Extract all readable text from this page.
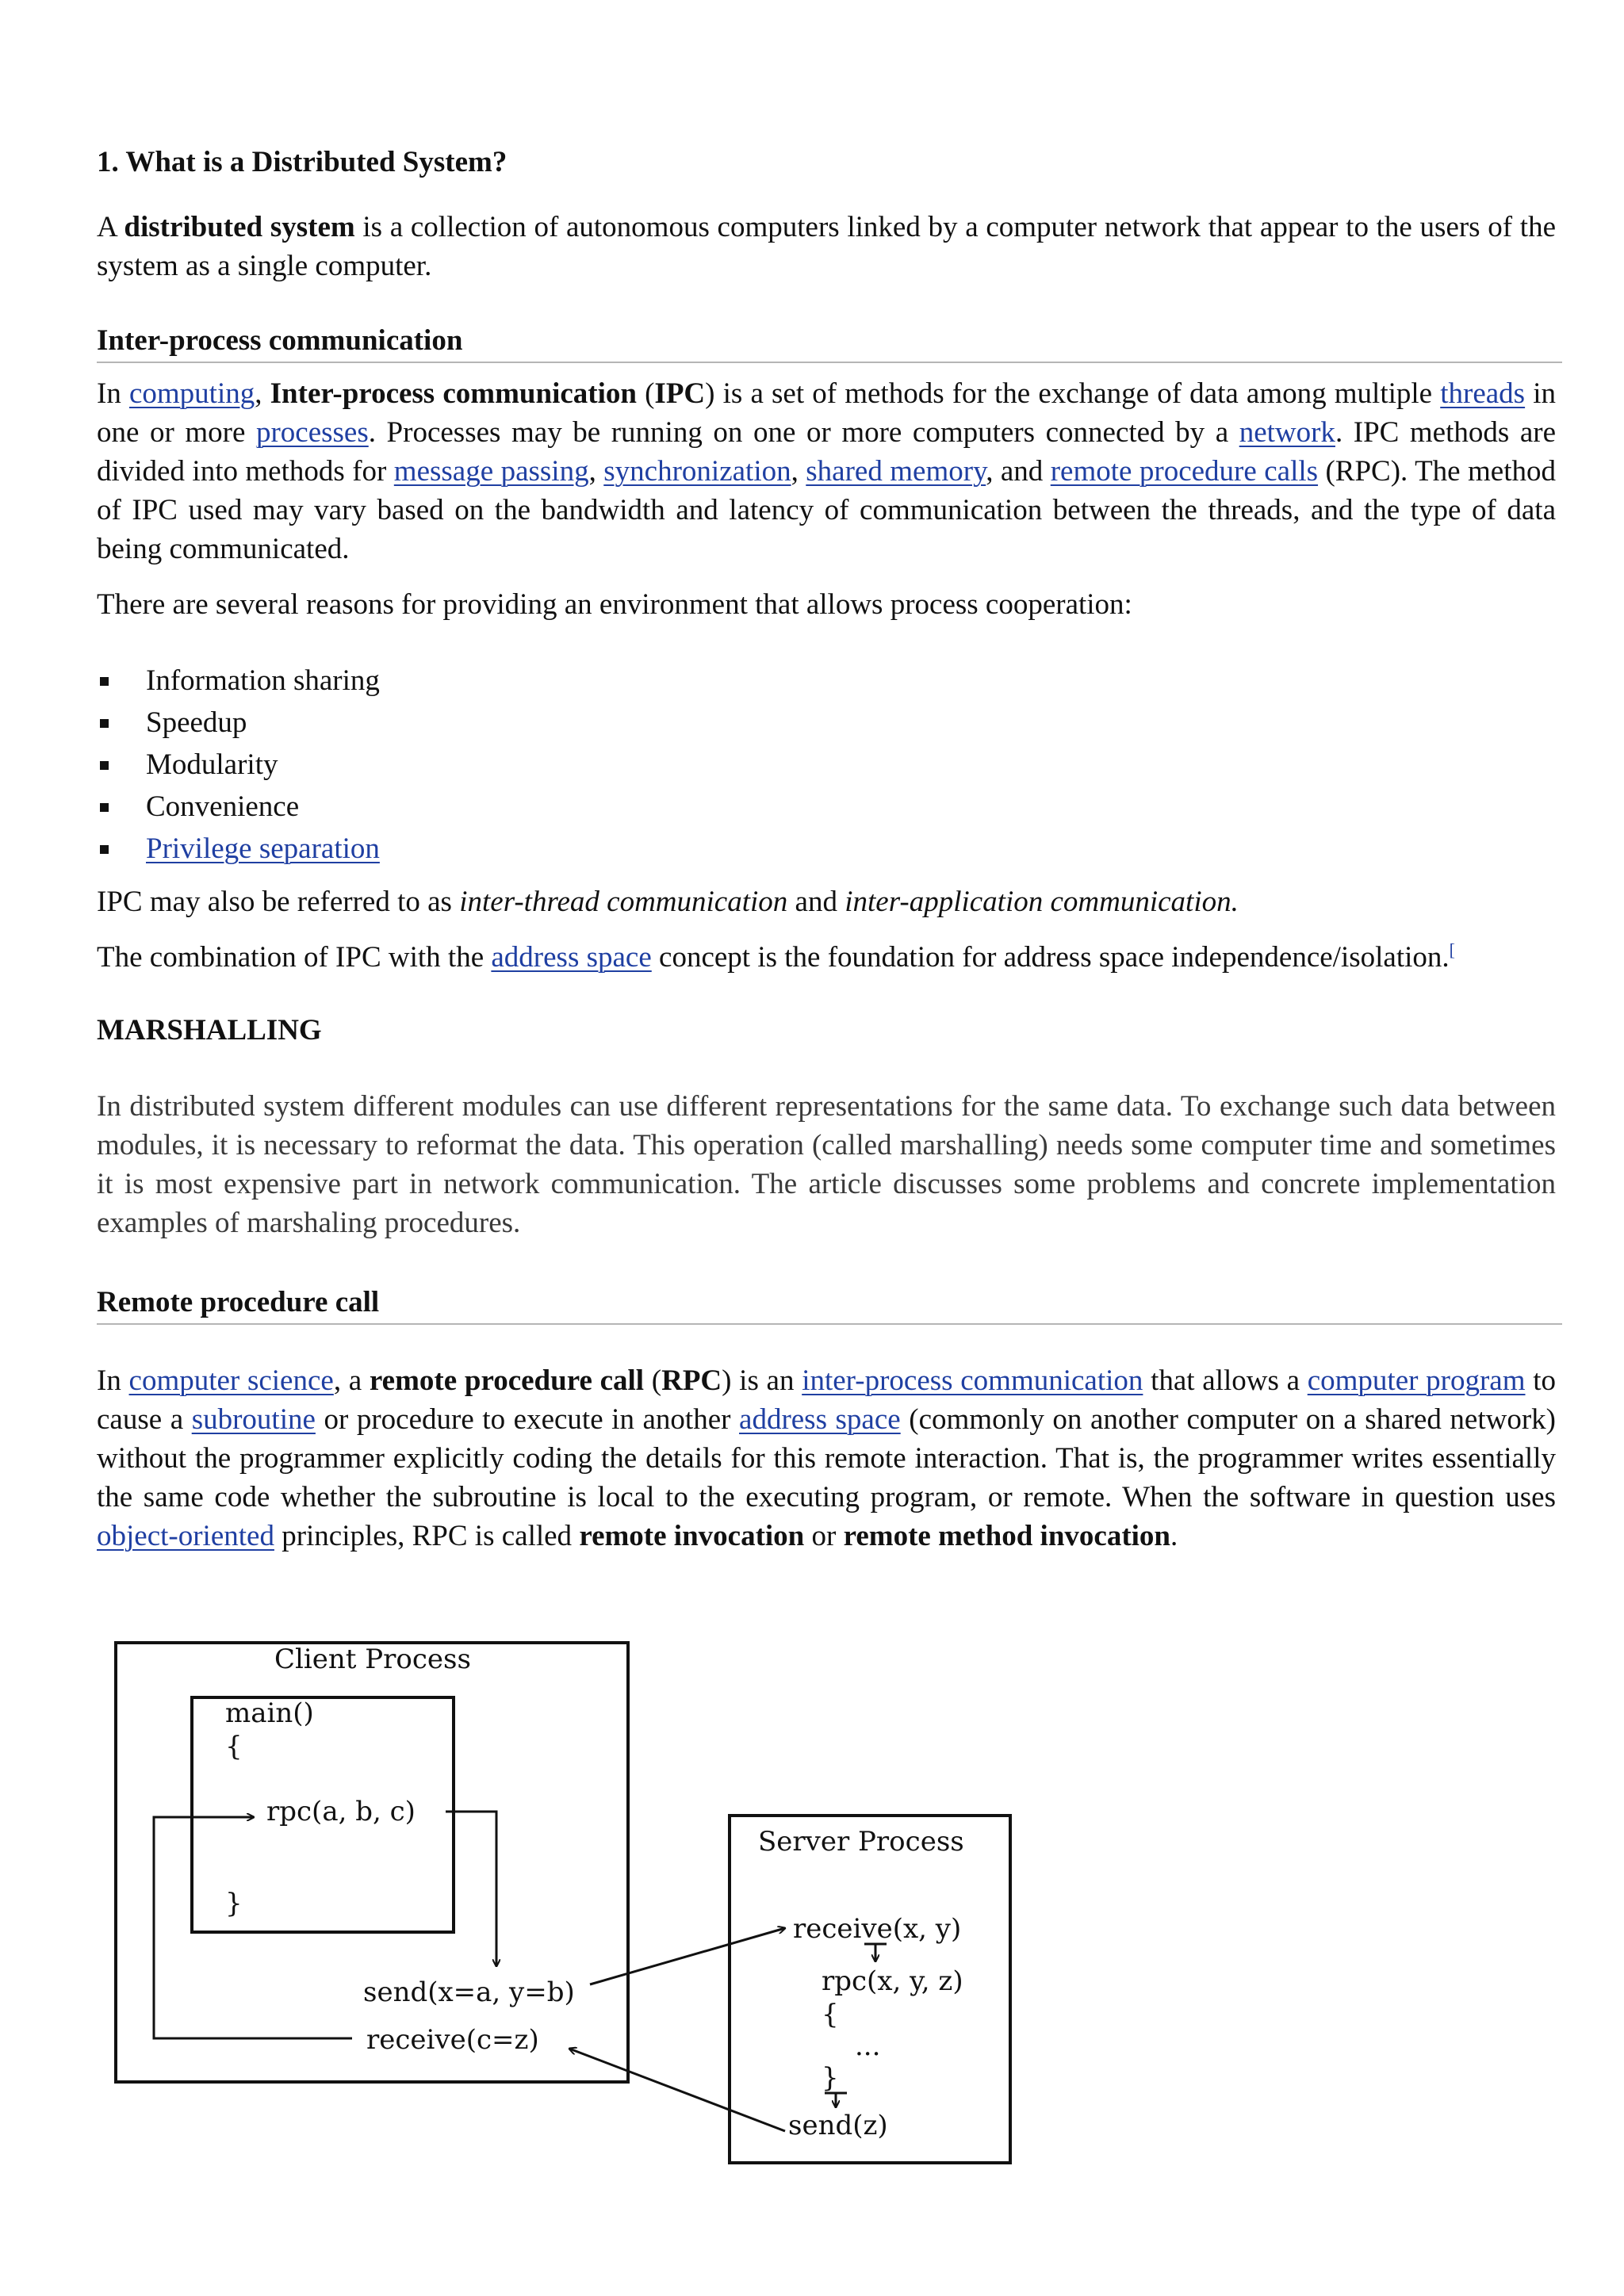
1. What is a Distributed System?
A distributed system is a collection of autonomous computers linked by a computer network that appear to the users of the system as a single computer.
Inter-process communication
In computing, Inter-process communication (IPC) is a set of methods for the exchange of data among multiple threads in one or more processes. Processes may be running on one or more computers connected by a network. IPC methods are divided into methods for message passing, synchronization, shared memory, and remote procedure calls (RPC). The method of IPC used may vary based on the bandwidth and latency of communication between the threads, and the type of data being communicated.
There are several reasons for providing an environment that allows process cooperation:
Information sharing
Speedup
Modularity
Convenience
Privilege separation
IPC may also be referred to as inter-thread communication and inter-application communication.
The combination of IPC with the address space concept is the foundation for address space independence/isolation.[
MARSHALLING
In distributed system different modules can use different representations for the same data. To exchange such data between modules, it is necessary to reformat the data. This operation (called marshalling) needs some computer time and sometimes it is most expensive part in network communication. The article discusses some problems and concrete implementation examples of marshaling procedures.
Remote procedure call
In computer science, a remote procedure call (RPC) is an inter-process communication that allows a computer program to cause a subroutine or procedure to execute in another address space (commonly on another computer on a shared network) without the programmer explicitly coding the details for this remote interaction. That is, the programmer writes essentially the same code whether the subroutine is local to the executing program, or remote. When the software in question uses object-oriented principles, RPC is called remote invocation or remote method invocation.
Client Process
main()
{
rpc(a, b, c)
}
send(x=a, y=b)
receive(c=z)
Server Process
receive(x, y)
rpc(x, y, z)
{
...
}
send(z)
